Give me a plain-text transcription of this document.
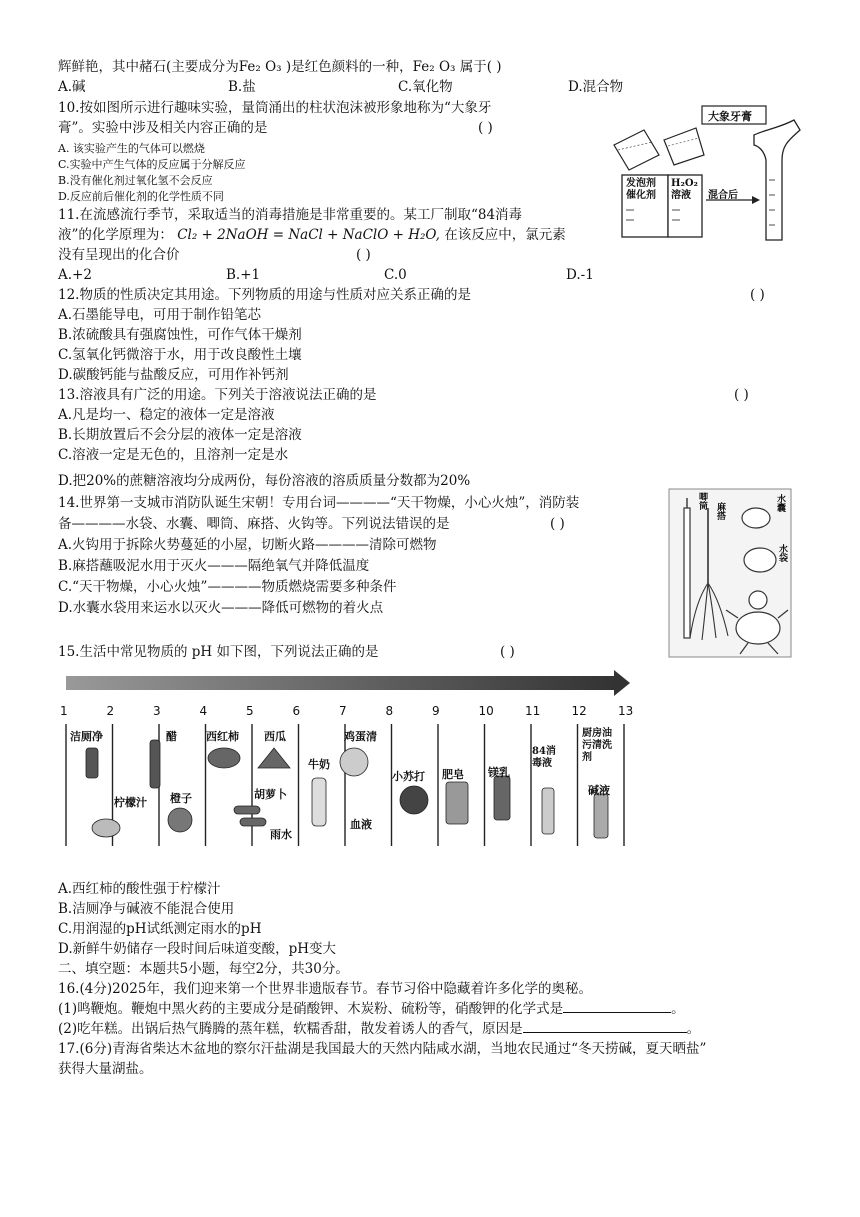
辉鲜艳，其中赭石(主要成分为Fe₂ O₃ )是红色颜料的一种，Fe₂ O₃ 属于( )
A.碱	B.盐	C.氧化物	D.混合物
10.按如图所示进行趣味实验，量筒涌出的柱状泡沫被形象地称为“大象牙
膏”。实验中涉及相关内容正确的是	( )
A. 该实验产生的气体可以燃烧
C.实验中产生气体的反应属于分解反应
B.没有催化剂过氧化氢不会反应
D.反应前后催化剂的化学性质不同
大象牙膏
发泡剂
催化剂
H₂O₂
溶液	混合后
11.在流感流行季节，采取适当的消毒措施是非常重要的。某工厂制取“84消毒
液”的化学原理为： Cl₂ + 2NaOH = NaCl + NaClO + H₂O, 在该反应中，氯元素
没有呈现出的化合价	( )
A.+2	B.+1	C.0	D.-1
12.物质的性质决定其用途。下列物质的用途与性质对应关系正确的是	( )
A.石墨能导电，可用于制作铅笔芯
B.浓硫酸具有强腐蚀性，可作气体干燥剂
C.氢氧化钙微溶于水，用于改良酸性土壤
D.碳酸钙能与盐酸反应，可用作补钙剂
13.溶液具有广泛的用途。下列关于溶液说法正确的是	( )
A.凡是均一、稳定的液体一定是溶液
B.长期放置后不会分层的液体一定是溶液
C.溶液一定是无色的，且溶剂一定是水
D.把20%的蔗糖溶液均分成两份，每份溶液的溶质质量分数都为20%
14.世界第一支城市消防队诞生宋朝！专用台词————“天干物燥，小心火烛”，消防装
备————水袋、水囊、唧筒、麻搭、火钩等。下列说法错误的是	( )
A.火钩用于拆除火势蔓延的小屋，切断火路————清除可燃物
B.麻搭蘸吸泥水用于灭火———隔绝氧气并降低温度
C.“天干物燥，小心火烛”————物质燃烧需要多种条件
D.水囊水袋用来运水以灭火———降低可燃物的着火点
唧筒
麻搭	水囊
水袋
15.生活中常见物质的 pH 如下图，下列说法正确的是	( )
1	2	3	4	5	6	7	8	9	10	11	12	13
洁厕净	醋	西红柿 西瓜
牛奶
鸡蛋清
小苏打 肥皂 镁乳
84消毒液
厨房油污清洗剂
柠檬汁 橙子	胡萝卜
雨水
血液
碱液
A.西红柿的酸性强于柠檬汁
B.洁厕净与碱液不能混合使用
C.用润湿的pH试纸测定雨水的pH
D.新鲜牛奶储存一段时间后味道变酸，pH变大
二、填空题：本题共5小题，每空2分，共30分。
16.(4分)2025年，我们迎来第一个世界非遗版春节。春节习俗中隐藏着许多化学的奥秘。
(1)鸣鞭炮。鞭炮中黑火药的主要成分是硝酸钾、木炭粉、硫粉等，硝酸钾的化学式是	。
(2)吃年糕。出锅后热气腾腾的蒸年糕，软糯香甜，散发着诱人的香气，原因是	。
17.(6分)青海省柴达木盆地的察尔汗盐湖是我国最大的天然内陆咸水湖，当地农民通过“冬天捞碱，夏天晒盐”
获得大量湖盐。
